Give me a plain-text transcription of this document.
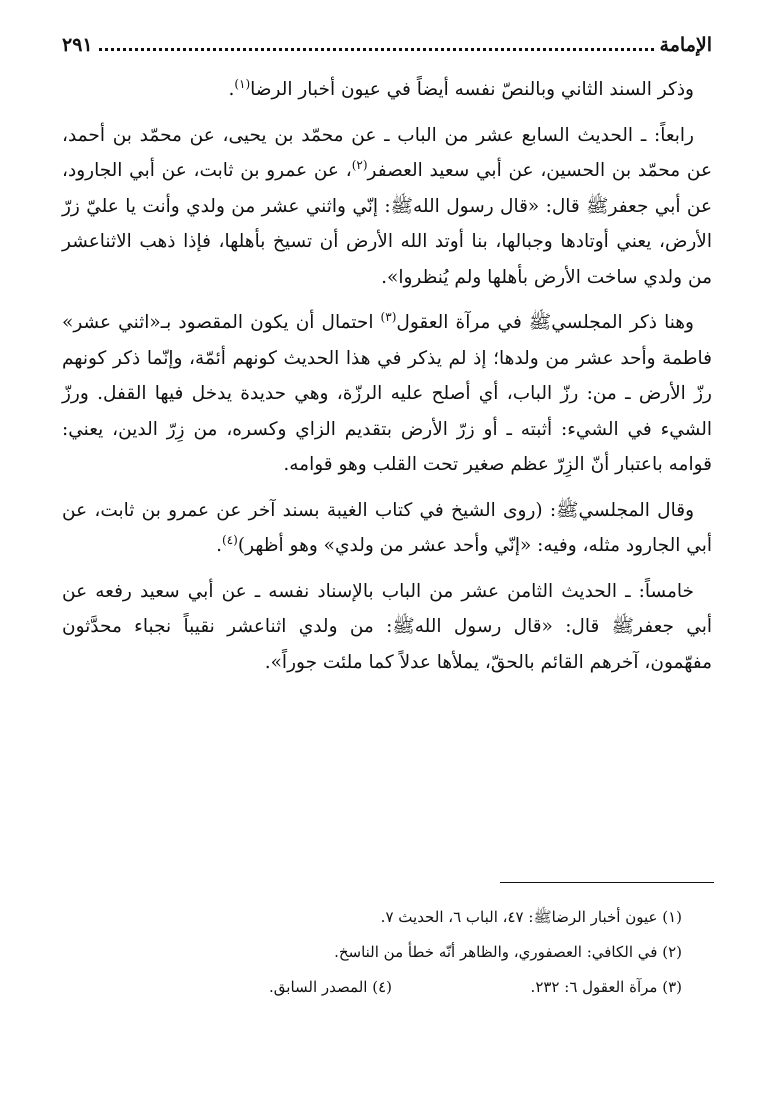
الإمامة
٢٩١

وذكر السند الثاني وبالنصّ نفسه أيضاً في عيون أخبار الرضا$^{(١)}$.

رابعاً: ـ الحديث السابع عشر من الباب ـ عن محمّد بن يحيى، عن محمّد بن أحمد، عن محمّد بن الحسين، عن أبي سعيد العصفر$^{(٢)}$، عن عمرو بن ثابت، عن أبي الجارود، عن أبي جعفرﷺ قال: «قال رسول اللهﷺ: إنّي واثني عشر من ولدي وأنت يا عليّ زرّ الأرض، يعني أوتادها وجبالها، بنا أوتد الله الأرض أن تسيخ بأهلها، فإذا ذهب الاثناعشر من ولدي ساخت الأرض بأهلها ولم يُنظروا».

وهنا ذكر المجلسيﷺ في مرآة العقول$^{(٣)}$ احتمال أن يكون المقصود بـ«اثني عشر» فاطمة وأحد عشر من ولدها؛ إذ لم يذكر في هذا الحديث كونهم أئمّة، وإنّما ذكر كونهم رزّ الأرض ـ من: رزّ الباب، أي أصلح عليه الرزّة، وهي حديدة يدخل فيها القفل. ورزّ الشيء في الشيء: أثبته ـ أو زرّ الأرض بتقديم الزاي وكسره، من زِرّ الدين، يعني: قوامه باعتبار أنّ الزِرّ عظم صغير تحت القلب وهو قوامه.

وقال المجلسيﷺ: (روى الشيخ في كتاب الغيبة بسند آخر عن عمرو بن ثابت، عن أبي الجارود مثله، وفيه: «إنّي وأحد عشر من ولدي» وهو أظهر)$^{(٤)}$.

خامساً: ـ الحديث الثامن عشر من الباب بالإسناد نفسه ـ عن أبي سعيد رفعه عن أبي جعفرﷺ قال: «قال رسول اللهﷺ: من ولدي اثناعشر نقيباً نجباء محدَّثون مفهّمون، آخرهم القائم بالحقّ، يملأها عدلاً كما ملئت جوراً».

(١) عيون أخبار الرضاﷺ: ٤٧، الباب ٦، الحديث ٧.
(٢) في الكافي: العصفوري، والظاهر أنّه خطأ من الناسخ.
(٣) مرآة العقول ٦: ٢٣٢.
(٤) المصدر السابق.
